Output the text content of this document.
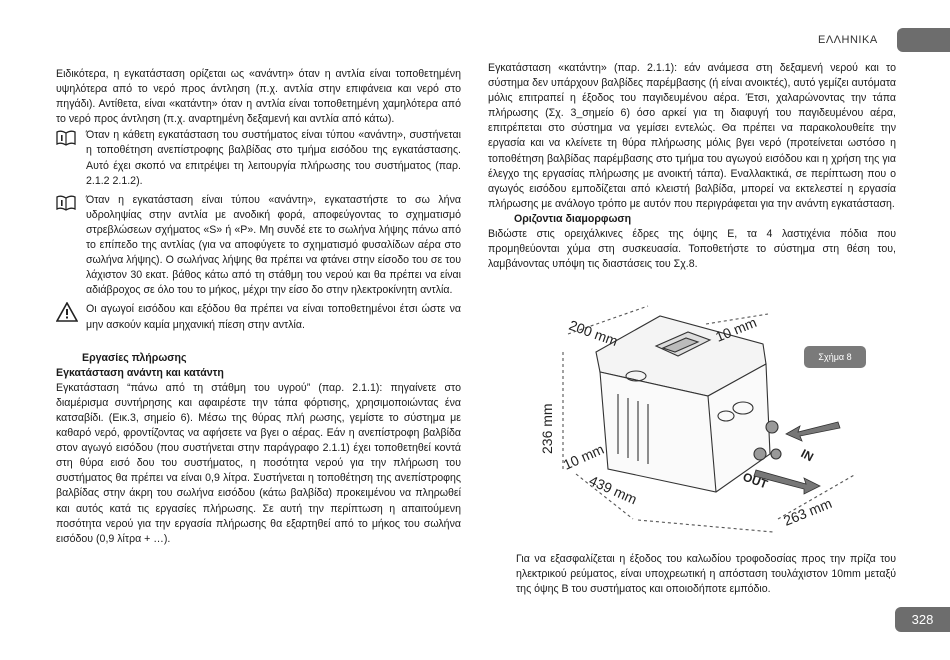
ΕΛΛΗΝΙΚΑ

Ειδικότερα, η εγκατάσταση ορίζεται ως «ανάντη» όταν η αντλία είναι τοποθετημένη υψηλότερα από το νερό προς άντληση (π.χ. αντλία στην επιφάνεια και νερό στο πηγάδι). Αντίθετα, είναι «κατάντη» όταν η αντλία είναι τοποθετημένη χαμηλότερα από το νερό προς άντληση (π.χ. αναρτημένη δεξαμενή και αντλία από κάτω).

Όταν η κάθετη εγκατάσταση του συστήματος είναι τύπου «ανάντη», συστήνεται η τοποθέτηση ανεπίστροφης βαλβίδας στο τμήμα εισόδου της εγκατάστασης. Αυτό έχει σκοπό να επιτρέψει τη λειτουργία πλήρωσης του συστήματος (παρ. 2.1.2 2.1.2).

Όταν η εγκατάσταση είναι τύπου «ανάντη», εγκαταστήστε το σω λήνα υδροληψίας στην αντλία με ανοδική φορά, αποφεύγοντας το σχηματισμό στρεβλώσεων σχήματος «S» ή «P». Μη συνδέ ετε το σωλήνα λήψης πάνω από το επίπεδο της αντλίας (για να αποφύγετε το σχηματισμό φυσαλίδων αέρα στο σωλήνα λήψης). Ο σωλήνας λήψης θα πρέπει να φτάνει στην είσοδο του σε του λάχιστον 30 εκατ. βάθος κάτω από τη στάθμη του νερού και θα πρέπει να είναι αδιάβροχος σε όλο του το μήκος, μέχρι την είσο δο στην ηλεκτροκίνητη αντλία.

Οι αγωγοί εισόδου και εξόδου θα πρέπει να είναι τοποθετημένοι έτσι ώστε να μην ασκούν καμία μηχανική πίεση στην αντλία.

Εργασίες πλήρωσης

Εγκατάσταση ανάντη και κατάντη

Εγκατάσταση “πάνω από τη στάθμη του υγρού” (παρ. 2.1.1): πηγαίνετε στο διαμέρισμα συντήρησης και αφαιρέστε την τάπα φόρτισης, χρησιμοποιώντας ένα κατσαβίδι. (Εικ.3, σημείο 6). Μέσω της θύρας πλή ρωσης, γεμίστε το σύστημα με καθαρό νερό, φροντίζοντας να αφήσετε να βγει ο αέρας. Εάν η ανεπίστροφη βαλβίδα στον αγωγό εισόδου (που συστήνεται στην παράγραφο 2.1.1) έχει τοποθετηθεί κοντά στη θύρα εισό δου του συστήματος, η ποσότητα νερού για την πλήρωση του συστήματος θα πρέπει να είναι 0,9 λίτρα. Συστήνεται η τοποθέτηση της ανεπίστροφης βαλβίδας στην άκρη του σωλήνα εισόδου (κάτω βαλβίδα) προκειμένου να πληρωθεί και αυτός κατά τις εργασίες πλήρωσης. Σε αυτή την περίπτωση η απαιτούμενη ποσότητα νερού για την εργασία πλήρωσης θα εξαρτηθεί από το μήκος του σωλήνα εισόδου (0,9 λίτρα + …).

Εγκατάσταση «κατάντη» (παρ. 2.1.1): εάν ανάμεσα στη δεξαμενή νερού και το σύστημα δεν υπάρχουν βαλβίδες παρέμβασης (ή είναι ανοικτές), αυτό γεμίζει αυτόματα μόλις επιτραπεί η έξοδος του παγιδευμένου αέρα. Έτσι, χαλαρώνοντας την τάπα πλήρωσης (Σχ. 3_σημείο 6) όσο αρκεί για τη διαφυγή του παγιδευμένου αέρα, επιτρέπεται στο σύστημα να γεμίσει εντελώς. Θα πρέπει να παρακολουθείτε την εργασία και να κλείνετε τη θύρα πλήρωσης μόλις βγει νερό (προτείνεται ωστόσο η τοποθέτηση βαλβίδας παρέμβασης στο τμήμα του αγωγού εισόδου και η χρήση της για έλεγχο της εργασίας πλήρωσης με ανοικτή τάπα). Εναλλακτικά, σε περίπτωση που ο αγωγός εισόδου εμποδίζεται από κλειστή βαλβίδα, μπορεί να εκτελεστεί η εργασία πλήρωσης με ανάλογο τρόπο με αυτόν που περιγράφεται για την ανάντη εγκατάσταση.

Οριζοντια διαμορφωση

Βιδώστε στις ορειχάλκινες έδρες της όψης Ε, τα 4 λαστιχένια πόδια που προμηθεύονται χύμα στη συσκευασία. Τοποθετήστε το σύστημα στη θέση του, λαμβάνοντας υπόψη τις διαστάσεις του Σχ.8.

IN
OUT
200 mm	10 mm
236 mm
10 mm
439 mm
263 mm
Σχήμα 8

Για να εξασφαλίζεται η έξοδος του καλωδίου τροφοδοσίας προς την πρίζα του ηλεκτρικού ρεύματος, είναι υποχρεωτική η απόσταση τουλάχιστον 10mm μεταξύ της όψης Β του συστήματος και οποιοδήποτε εμπόδιο.

328
